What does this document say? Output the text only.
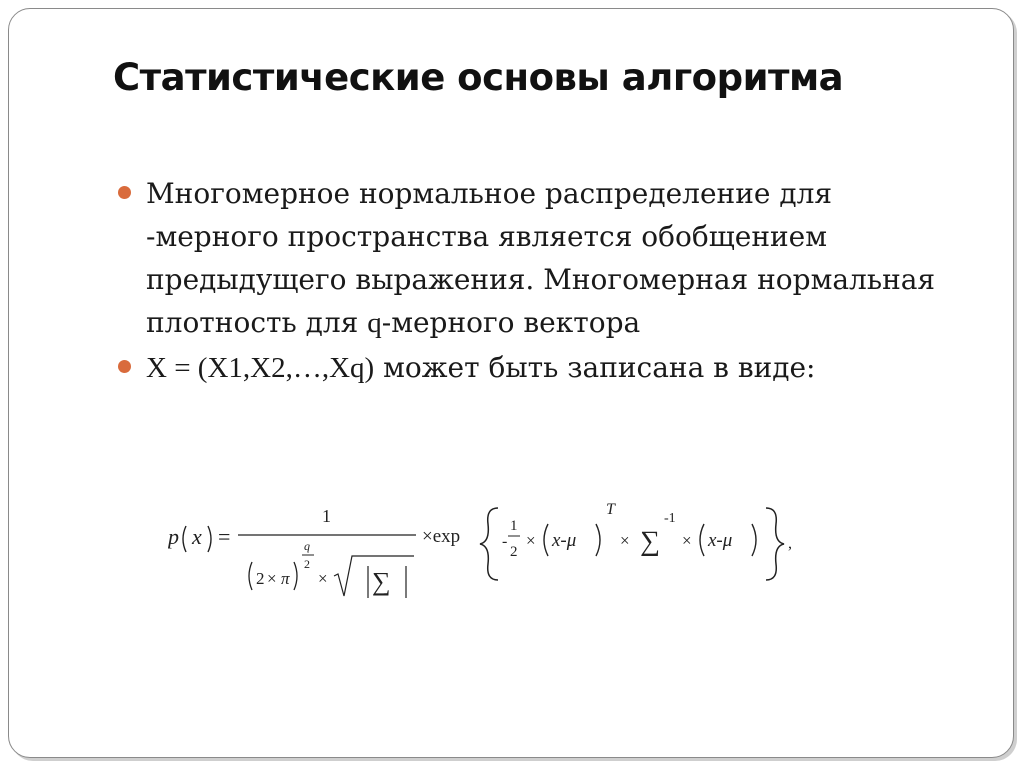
Статистические основы алгоритма
Многомерное нормальное распределение для -мерного пространства является обобщением предыдущего выражения. Многомерная нормальная плотность для q-мерного вектора
X = (X1,X2,…,Xq) может быть записана в виде:
p x =
1
2 × π
q
2
× ∑
×exp	-
1
2
× x-μ
T
× ∑
-1
× x-μ	,
